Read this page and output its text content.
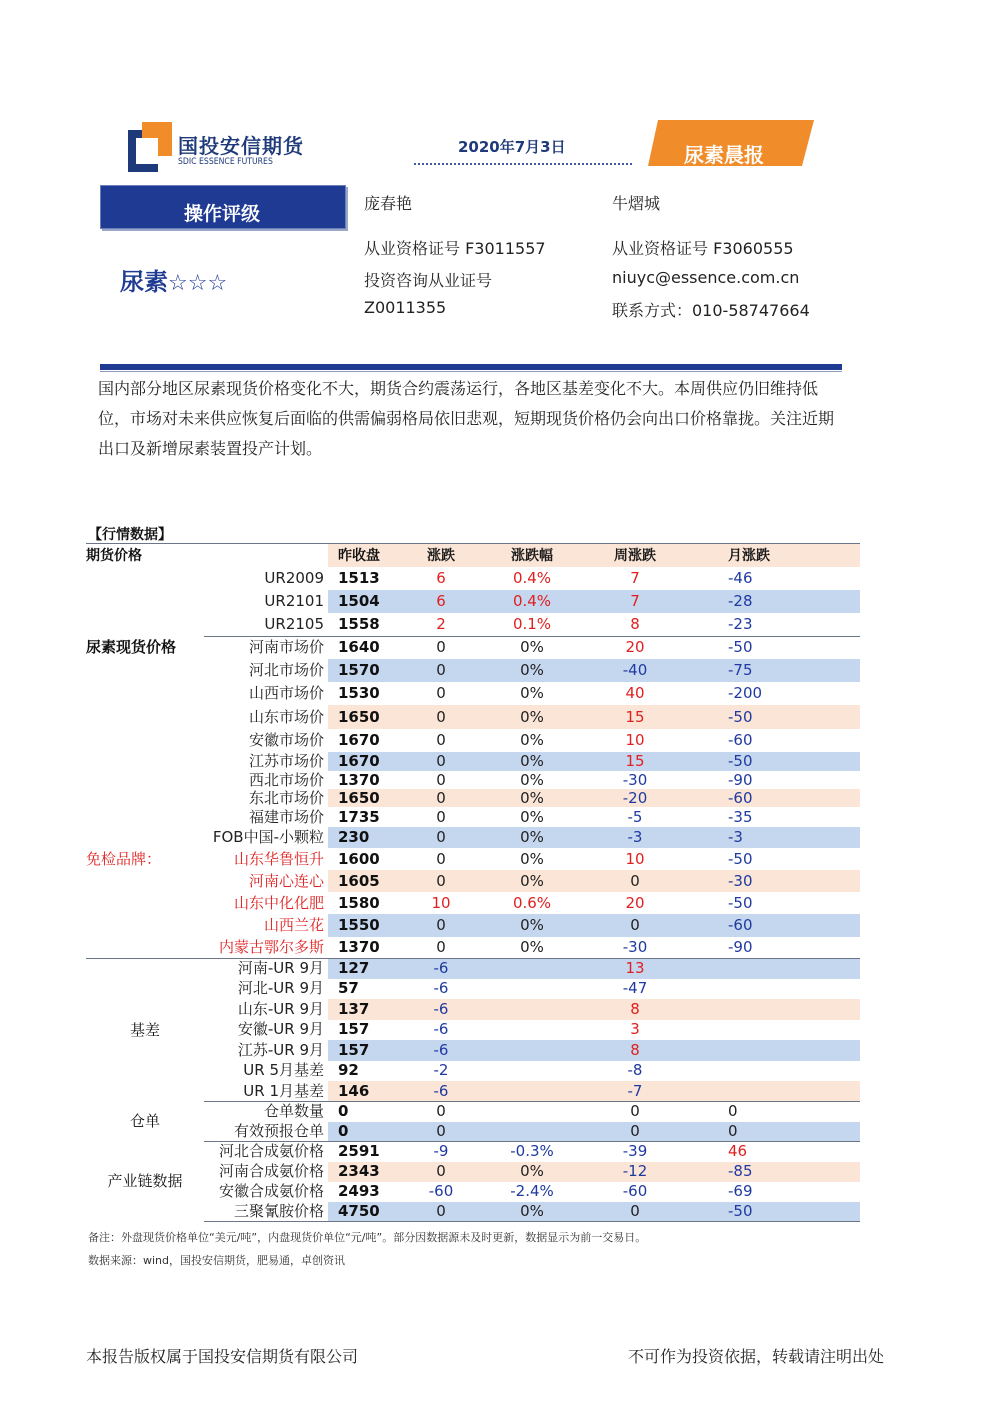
国投安信期货
SDIC ESSENCE FUTURES
2020年7月3日	尿素晨报
操作评级
尿素☆☆☆
庞春艳
从业资格证号 F3011557
投资咨询从业证号
Z0011355
牛熠城
从业资格证号 F3060555
niuyc@essence.com.cn
联系方式：010-58747664
国内部分地区尿素现货价格变化不大，期货合约震荡运行，各地区基差变化不大。本周供应仍旧维持低位，市场对未来供应恢复后面临的供需偏弱格局依旧悲观，短期现货价格仍会向出口价格靠拢。关注近期出口及新增尿素装置投产计划。
【行情数据】
期货价格		昨收盘	涨跌	涨跌幅	周涨跌	月涨跌
	UR2009	1513	6	0.4%	7	-46
	UR2101	1504	6	0.4%	7	-28
	UR2105	1558	2	0.1%	8	-23
尿素现货价格	河南市场价	1640	0	0%	20	-50
	河北市场价	1570	0	0%	-40	-75
	山西市场价	1530	0	0%	40	-200
	山东市场价	1650	0	0%	15	-50
	安徽市场价	1670	0	0%	10	-60
	江苏市场价	1670	0	0%	15	-50
	西北市场价	1370	0	0%	-30	-90
	东北市场价	1650	0	0%	-20	-60
	福建市场价	1735	0	0%	-5	-35
	FOB中国-小颗粒	230	0	0%	-3	-3
免检品牌：	山东华鲁恒升	1600	0	0%	10	-50
	河南心连心	1605	0	0%	0	-30
	山东中化化肥	1580	10	0.6%	20	-50
	山西兰花	1550	0	0%	0	-60
	内蒙古鄂尔多斯	1370	0	0%	-30	-90
基差	河南-UR 9月	127	-6		13	
	河北-UR 9月	57	-6		-47	
	山东-UR 9月	137	-6		8	
	安徽-UR 9月	157	-6		3	
	江苏-UR 9月	157	-6		8	
	UR 5月基差	92	-2		-8	
	UR 1月基差	146	-6		-7	
仓单	仓单数量	0	0		0	0
	有效预报仓单	0	0		0	0
产业链数据	河北合成氨价格	2591	-9	-0.3%	-39	46
	河南合成氨价格	2343	0	0%	-12	-85
	安徽合成氨价格	2493	-60	-2.4%	-60	-69
	三聚氰胺价格	4750	0	0%	0	-50
备注：外盘现货价格单位“美元/吨”，内盘现货价单位“元/吨”。部分因数据源未及时更新，数据显示为前一交易日。
数据来源：wind，国投安信期货，肥易通，卓创资讯
本报告版权属于国投安信期货有限公司	不可作为投资依据，转载请注明出处
